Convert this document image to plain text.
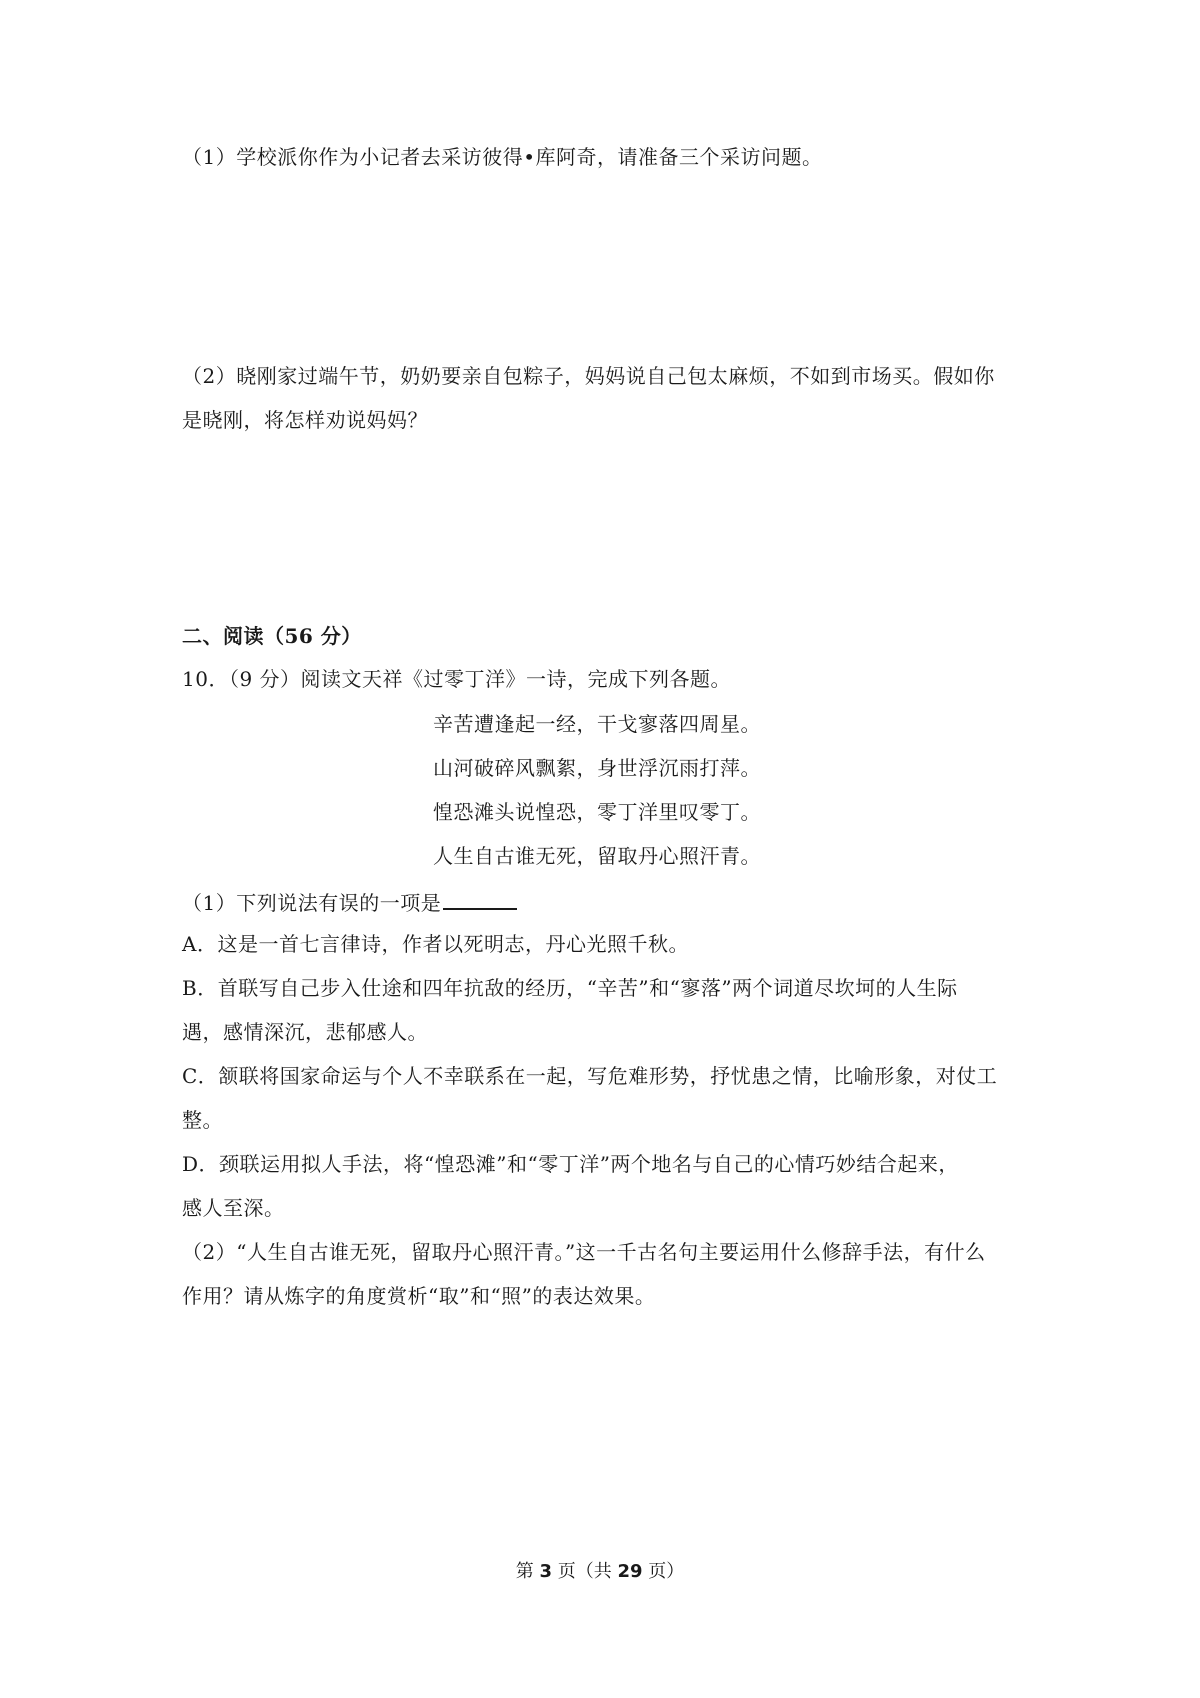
（1）学校派你作为小记者去采访彼得•库阿奇，请准备三个采访问题。
（2）晓刚家过端午节，奶奶要亲自包粽子，妈妈说自己包太麻烦，不如到市场买。假如你
是晓刚，将怎样劝说妈妈？
二、阅读（56 分）
10．（9 分）阅读文天祥《过零丁洋》一诗，完成下列各题。
辛苦遭逢起一经，干戈寥落四周星。
山河破碎风飘絮，身世浮沉雨打萍。
惶恐滩头说惶恐，零丁洋里叹零丁。
人生自古谁无死，留取丹心照汗青。
（1）下列说法有误的一项是
A．这是一首七言律诗，作者以死明志，丹心光照千秋。
B．首联写自己步入仕途和四年抗敌的经历，“辛苦”和“寥落”两个词道尽坎坷的人生际
遇，感情深沉，悲郁感人。
C．颔联将国家命运与个人不幸联系在一起，写危难形势，抒忧患之情，比喻形象，对仗工
整。
D．颈联运用拟人手法，将“惶恐滩”和“零丁洋”两个地名与自己的心情巧妙结合起来，
感人至深。
（2）“人生自古谁无死，留取丹心照汗青。”这一千古名句主要运用什么修辞手法，有什么
作用？请从炼字的角度赏析“取”和“照”的表达效果。
第 3 页（共 29 页）
